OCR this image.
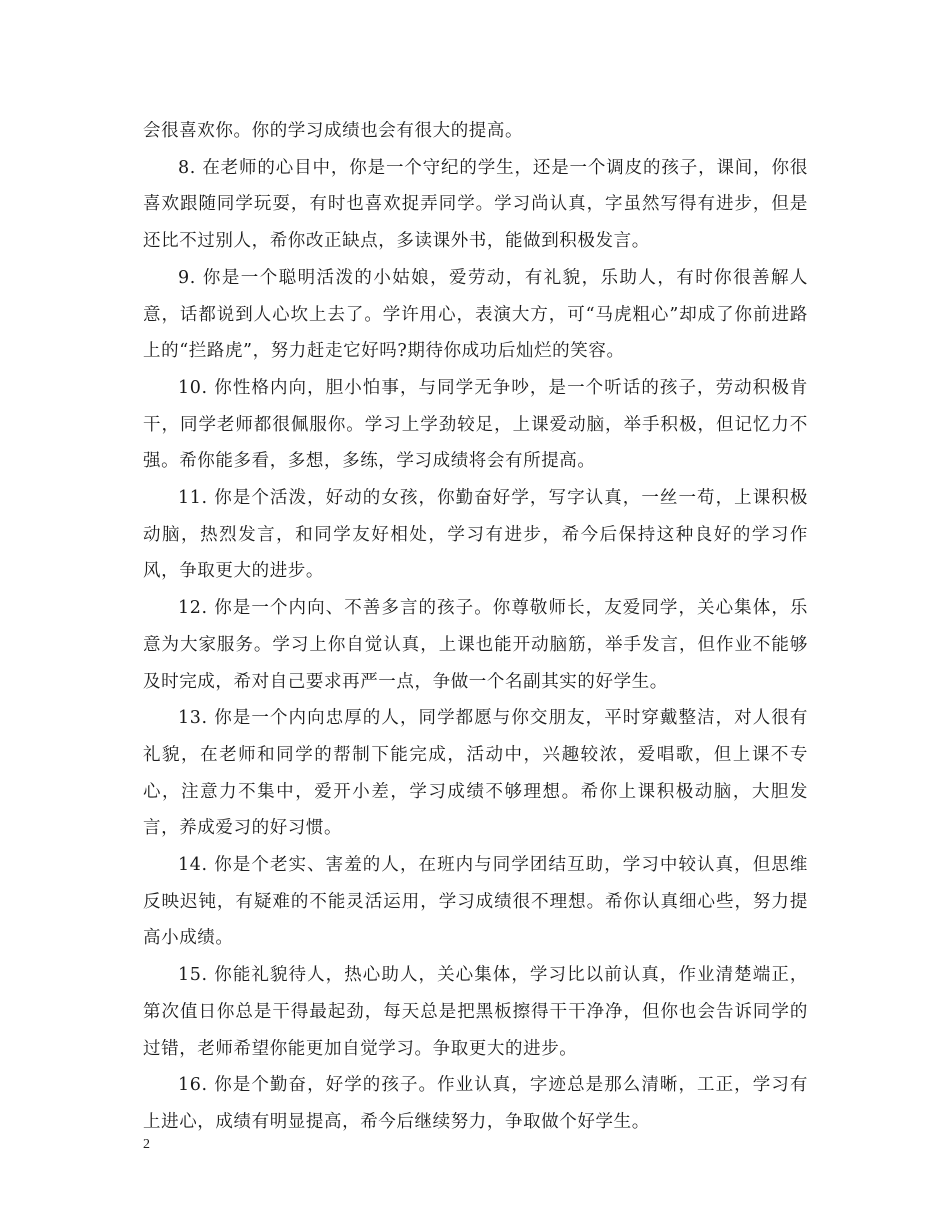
会很喜欢你。你的学习成绩也会有很大的提高。

8. 在老师的心目中，你是一个守纪的学生，还是一个调皮的孩子，课间，你很喜欢跟随同学玩耍，有时也喜欢捉弄同学。学习尚认真，字虽然写得有进步，但是还比不过别人，希你改正缺点，多读课外书，能做到积极发言。

9. 你是一个聪明活泼的小姑娘，爱劳动，有礼貌，乐助人，有时你很善解人意，话都说到人心坎上去了。学许用心，表演大方，可“马虎粗心”却成了你前进路上的“拦路虎”，努力赶走它好吗?期待你成功后灿烂的笑容。

10. 你性格内向，胆小怕事，与同学无争吵，是一个听话的孩子，劳动积极肯干，同学老师都很佩服你。学习上学劲较足，上课爱动脑，举手积极，但记忆力不强。希你能多看，多想，多练，学习成绩将会有所提高。

11. 你是个活泼，好动的女孩，你勤奋好学，写字认真，一丝一苟，上课积极动脑，热烈发言，和同学友好相处，学习有进步，希今后保持这种良好的学习作风，争取更大的进步。

12. 你是一个内向、不善多言的孩子。你尊敬师长，友爱同学，关心集体，乐意为大家服务。学习上你自觉认真，上课也能开动脑筋，举手发言，但作业不能够及时完成，希对自己要求再严一点，争做一个名副其实的好学生。

13. 你是一个内向忠厚的人，同学都愿与你交朋友，平时穿戴整洁，对人很有礼貌，在老师和同学的帮制下能完成，活动中，兴趣较浓，爱唱歌，但上课不专心，注意力不集中，爱开小差，学习成绩不够理想。希你上课积极动脑，大胆发言，养成爱习的好习惯。

14. 你是个老实、害羞的人，在班内与同学团结互助，学习中较认真，但思维反映迟钝，有疑难的不能灵活运用，学习成绩很不理想。希你认真细心些，努力提高小成绩。

15. 你能礼貌待人，热心助人，关心集体，学习比以前认真，作业清楚端正，第次值日你总是干得最起劲，每天总是把黑板擦得干干净净，但你也会告诉同学的过错，老师希望你能更加自觉学习。争取更大的进步。

16. 你是个勤奋，好学的孩子。作业认真，字迹总是那么清晰，工正，学习有上进心，成绩有明显提高，希今后继续努力，争取做个好学生。

2
